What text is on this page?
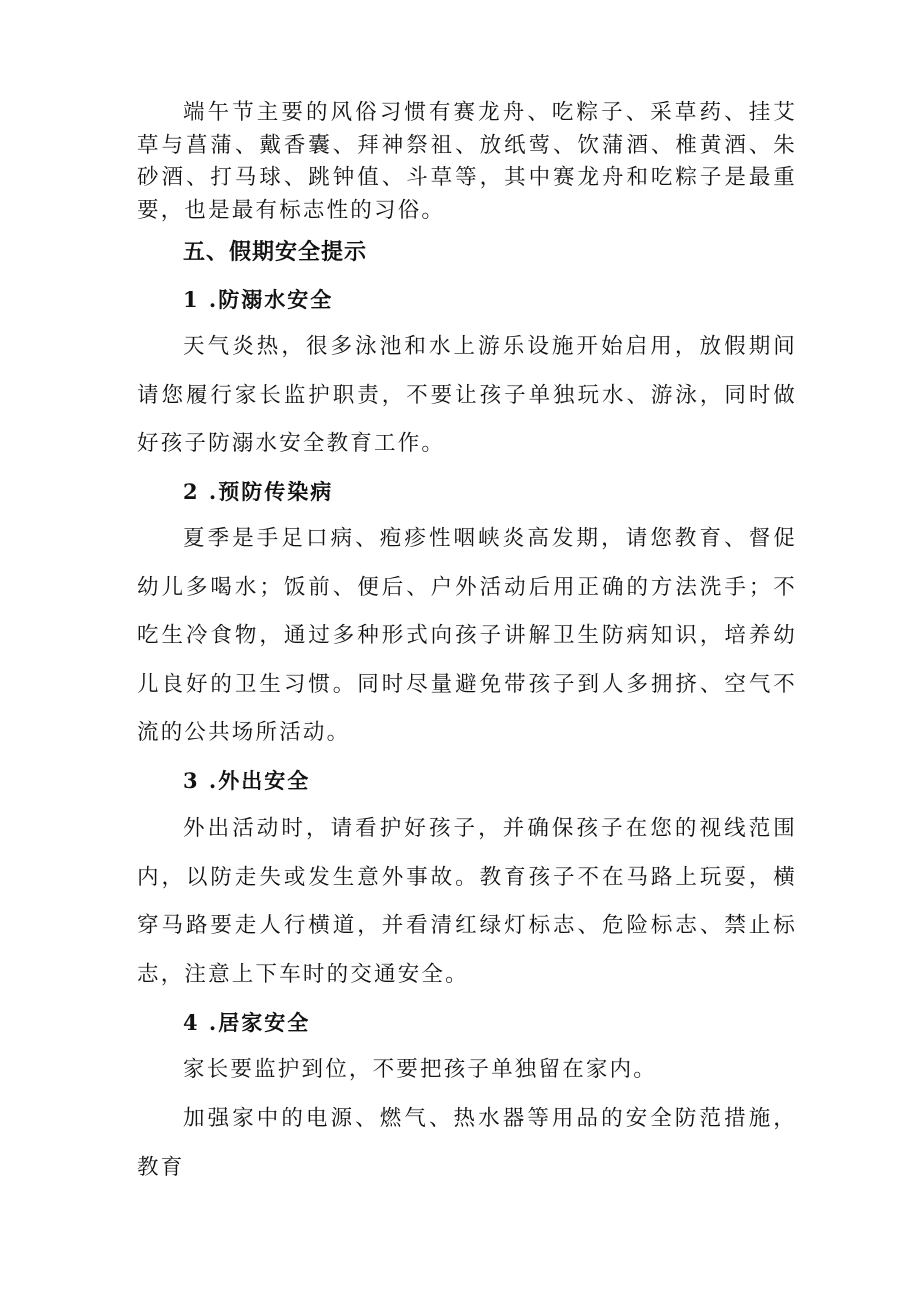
端午节主要的风俗习惯有赛龙舟、吃粽子、采草药、挂艾草与菖蒲、戴香囊、拜神祭祖、放纸莺、饮蒲酒、椎黄酒、朱砂酒、打马球、跳钟值、斗草等，其中赛龙舟和吃粽子是最重要，也是最有标志性的习俗。

五、假期安全提示
1 .防溺水安全

天气炎热，很多泳池和水上游乐设施开始启用，放假期间请您履行家长监护职责，不要让孩子单独玩水、游泳，同时做好孩子防溺水安全教育工作。

2 .预防传染病

夏季是手足口病、疱疹性咽峡炎高发期，请您教育、督促幼儿多喝水；饭前、便后、户外活动后用正确的方法洗手；不吃生冷食物，通过多种形式向孩子讲解卫生防病知识，培养幼儿良好的卫生习惯。同时尽量避免带孩子到人多拥挤、空气不流的公共场所活动。

3 .外出安全

外出活动时，请看护好孩子，并确保孩子在您的视线范围内，以防走失或发生意外事故。教育孩子不在马路上玩耍，横穿马路要走人行横道，并看清红绿灯标志、危险标志、禁止标志，注意上下车时的交通安全。

4 .居家安全

家长要监护到位，不要把孩子单独留在家内。

加强家中的电源、燃气、热水器等用品的安全防范措施，教育
